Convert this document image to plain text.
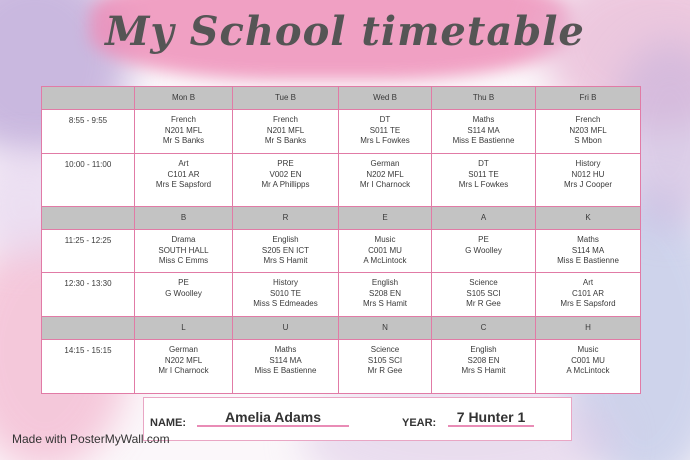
My School timetable
	Mon B	Tue B	Wed B	Thu B	Fri B
8:55 - 9:55	French
N201 MFL
Mr S Banks	French
N201 MFL
Mr S Banks	DT
S011 TE
Mrs L Fowkes	Maths
S114 MA
Miss E Bastienne	French
N203 MFL
S Mbon

10:00 - 11:00	Art
C101 AR
Mrs E Sapsford	PRE
V002 EN
Mr A Phillipps	German
N202 MFL
Mr I Charnock	DT
S011 TE
Mrs L Fowkes	History
N012 HU
Mrs J Cooper

	B	R	E	A	K
11:25 - 12:25	Drama
SOUTH HALL
Miss C Emms	English
S205 EN ICT
Mrs S Hamit	Music
C001 MU
A McLintock	PE
G Woolley	Maths
S114 MA
Miss E Bastienne

12:30 - 13:30	PE
G Woolley	History
S010 TE
Miss S Edmeades	English
S208 EN
Mrs S Hamit	Science
S105 SCI
Mr R Gee	Art
C101 AR
Mrs E Sapsford

	L	U	N	C	H
14:15 - 15:15	German
N202 MFL
Mr I Charnock	Maths
S114 MA
Miss E Bastienne	Science
S105 SCI
Mr R Gee	English
S208 EN
Mrs S Hamit	Music
C001 MU
A McLintock
NAME:	Amelia Adams	YEAR:	7 Hunter 1
Made with PosterMyWall.com
